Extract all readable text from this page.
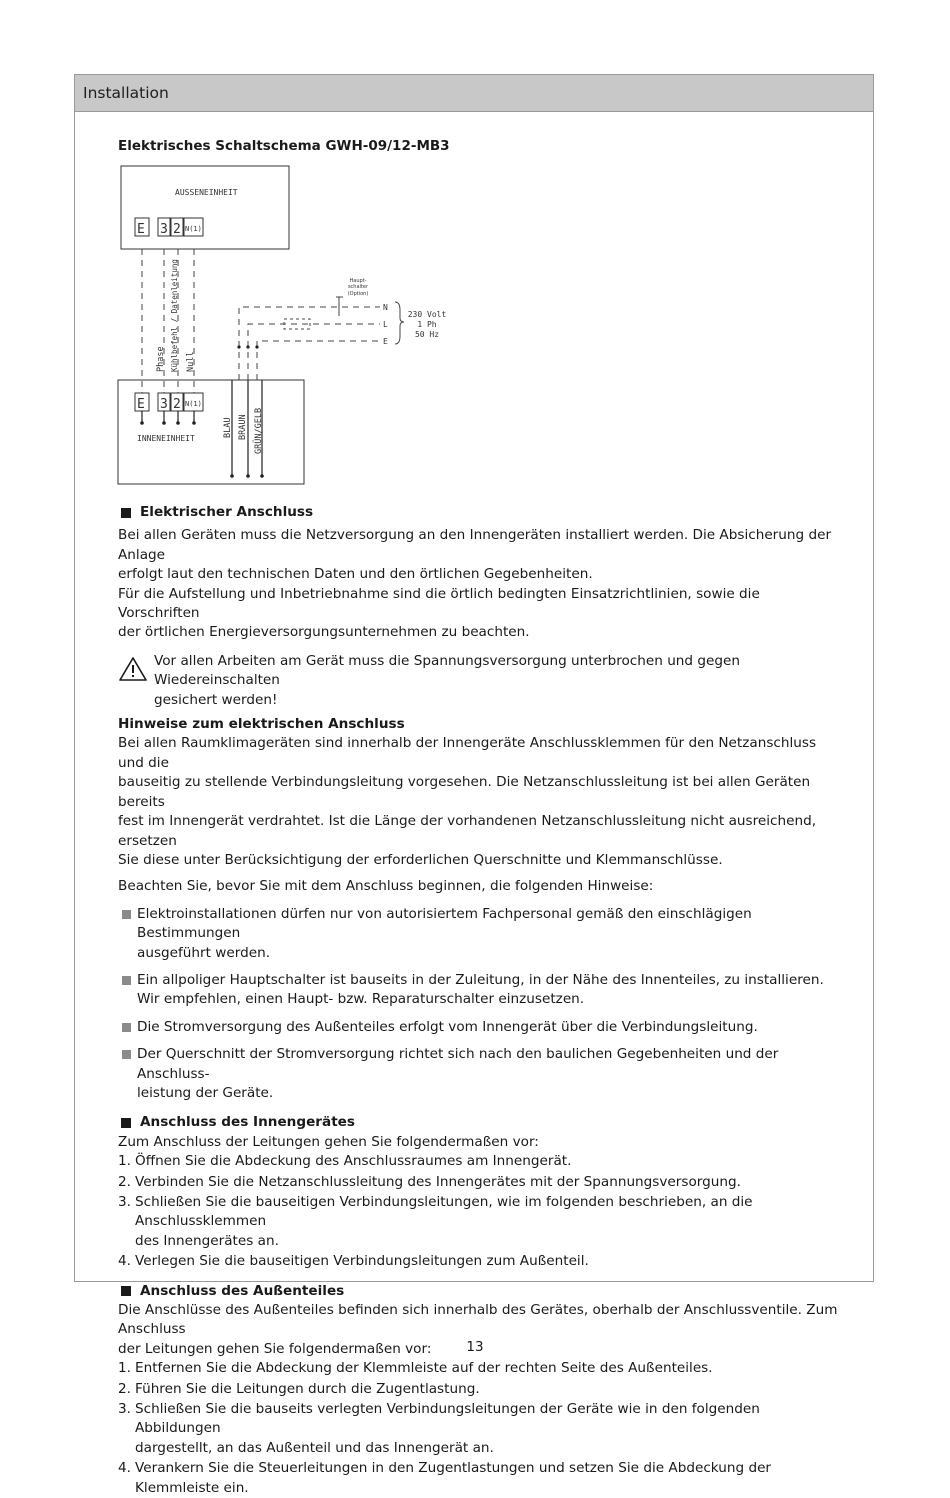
Installation
Elektrisches Schaltschema GWH-09/12-MB3
AUSSENEINHEIT
INNENEINHEIT
E 3 2 N(1)
E 3 2 N(1)
Phase Kühlbefehl / Datenleitung Null
BLAU BRAUN GRÜN/GELB
Haupt-
schalter
(Option)
N
L
E
230 Volt
1 Ph
50 Hz
Elektrischer Anschluss

Bei allen Geräten muss die Netzversorgung an den Innengeräten installiert werden. Die Absicherung der Anlage
erfolgt laut den technischen Daten und den örtlichen Gegebenheiten.
Für die Aufstellung und Inbetriebnahme sind die örtlich bedingten Einsatzrichtlinien, sowie die Vorschriften
der örtlichen Energieversorgungsunternehmen zu beachten.

Vor allen Arbeiten am Gerät muss die Spannungsversorgung unterbrochen und gegen Wiedereinschalten
gesichert werden!
Hinweise zum elektrischen Anschluss

Bei allen Raumklimageräten sind innerhalb der Innengeräte Anschlussklemmen für den Netzanschluss und die
bauseitig zu stellende Verbindungsleitung vorgesehen. Die Netzanschlussleitung ist bei allen Geräten bereits
fest im Innengerät verdrahtet. Ist die Länge der vorhandenen Netzanschlussleitung nicht ausreichend, ersetzen
Sie diese unter Berücksichtigung der erforderlichen Querschnitte und Klemmanschlüsse.

Beachten Sie, bevor Sie mit dem Anschluss beginnen, die folgenden Hinweise:

Elektroinstallationen dürfen nur von autorisiertem Fachpersonal gemäß den einschlägigen Bestimmungen
ausgeführt werden.
Ein allpoliger Hauptschalter ist bauseits in der Zuleitung, in der Nähe des Innenteiles, zu installieren.
Wir empfehlen, einen Haupt- bzw. Reparaturschalter einzusetzen.
Die Stromversorgung des Außenteiles erfolgt vom Innengerät über die Verbindungsleitung.
Der Querschnitt der Stromversorgung richtet sich nach den baulichen Gegebenheiten und der Anschluss-
leistung der Geräte.
Anschluss des Innengerätes

Zum Anschluss der Leitungen gehen Sie folgendermaßen vor:

1. Öffnen Sie die Abdeckung des Anschlussraumes am Innengerät.
2. Verbinden Sie die Netzanschlussleitung des Innengerätes mit der Spannungsversorgung.
3. Schließen Sie die bauseitigen Verbindungsleitungen, wie im folgenden beschrieben, an die Anschlussklemmen
des Innengerätes an.
4. Verlegen Sie die bauseitigen Verbindungsleitungen zum Außenteil.
Anschluss des Außenteiles

Die Anschlüsse des Außenteiles befinden sich innerhalb des Gerätes, oberhalb der Anschlussventile. Zum Anschluss
der Leitungen gehen Sie folgendermaßen vor:

1. Entfernen Sie die Abdeckung der Klemmleiste auf der rechten Seite des Außenteiles.
2. Führen Sie die Leitungen durch die Zugentlastung.
3. Schließen Sie die bauseits verlegten Verbindungsleitungen der Geräte wie in den folgenden Abbildungen
dargestellt, an das Außenteil und das Innengerät an.
4. Verankern Sie die Steuerleitungen in den Zugentlastungen und setzen Sie die Abdeckung der Klemmleiste ein.
13
